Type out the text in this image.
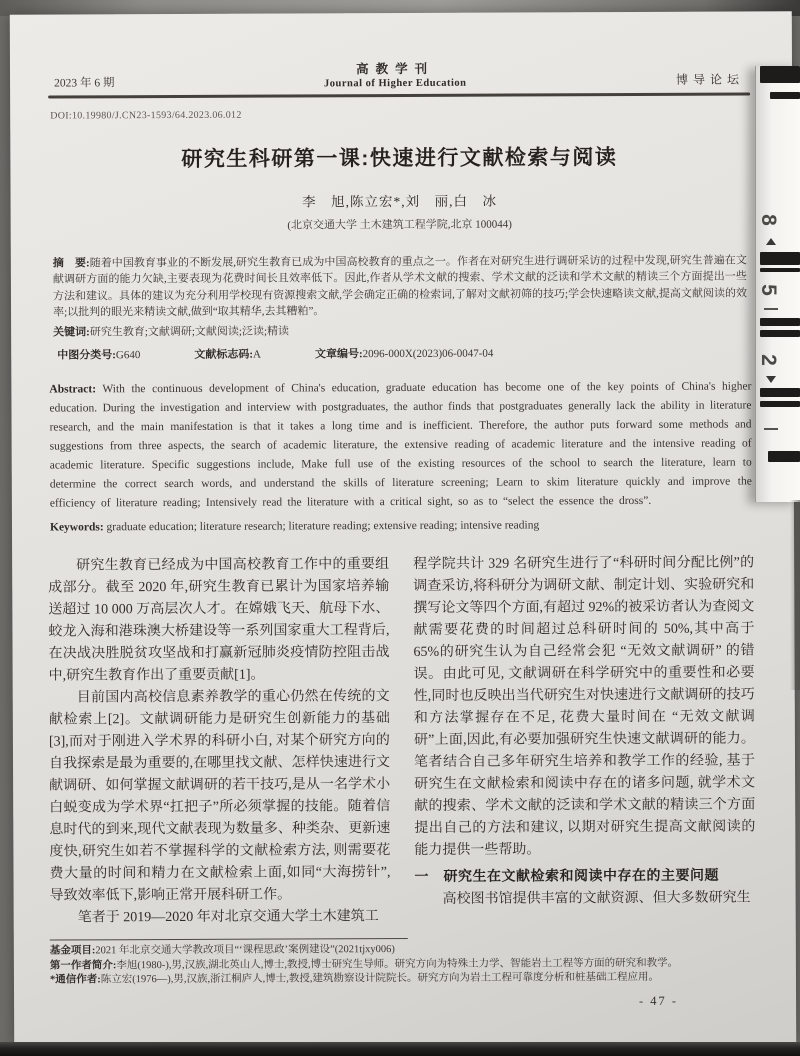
2023 年 6 期
高教学刊
Journal of Higher Education	博导论坛
DOI:10.19980/J.CN23-1593/64.2023.06.012
研究生科研第一课:快速进行文献检索与阅读
李　旭,陈立宏*,刘　丽,白　冰
(北京交通大学 土木建筑工程学院,北京 100044)

摘　要:随着中国教育事业的不断发展,研究生教育已成为中国高校教育的重点之一。作者在对研究生进行调研采访的过程中发现,研究生普遍在文献调研方面的能力欠缺,主要表现为花费时间长且效率低下。因此,作者从学术文献的搜索、学术文献的泛读和学术文献的精读三个方面提出一些方法和建议。具体的建议为充分利用学校现有资源搜索文献,学会确定正确的检索词,了解对文献初筛的技巧;学会快速略读文献,提高文献阅读的效率;以批判的眼光来精读文献,做到“取其精华,去其糟粕”。

关键词:研究生教育;文献调研;文献阅读;泛读;精读

中图分类号:G640	文献标志码:A	文章编号:2096-000X(2023)06-0047-04

Abstract: With the continuous development of China's education, graduate education has become one of the key points of China's higher education. During the investigation and interview with postgraduates, the author finds that postgraduates generally lack the ability in literature research, and the main manifestation is that it takes a long time and is inefficient. Therefore, the author puts forward some methods and suggestions from three aspects, the search of academic literature, the extensive reading of academic literature and the intensive reading of academic literature. Specific suggestions include, Make full use of the existing resources of the school to search the literature, learn to determine the correct search words, and understand the skills of literature screening; Learn to skim literature quickly and improve the efficiency of literature reading; Intensively read the literature with a critical sight, so as to “select the essence the dross”.

Keywords: graduate education; literature research; literature reading; extensive reading; intensive reading

研究生教育已经成为中国高校教育工作中的重要组成部分。截至 2020 年,研究生教育已累计为国家培养输送超过 10 000 万高层次人才。在嫦娥飞天、航母下水、蛟龙入海和港珠澳大桥建设等一系列国家重大工程背后,在决战决胜脱贫攻坚战和打赢新冠肺炎疫情防控阻击战中,研究生教育作出了重要贡献[1]。

目前国内高校信息素养教学的重心仍然在传统的文献检索上[2]。文献调研能力是研究生创新能力的基础[3],而对于刚进入学术界的科研小白, 对某个研究方向的自我探索是最为重要的,在哪里找文献、怎样快速进行文献调研、如何掌握文献调研的若干技巧,是从一名学术小白蜕变成为学术界“扛把子”所必须掌握的技能。随着信息时代的到来,现代文献表现为数量多、种类杂、更新速度快,研究生如若不掌握科学的文献检索方法, 则需要花费大量的时间和精力在文献检索上面,如同“大海捞针”,导致效率低下,影响正常开展科研工作。

笔者于 2019—2020 年对北京交通大学土木建筑工

程学院共计 329 名研究生进行了“科研时间分配比例”的调查采访,将科研分为调研文献、制定计划、实验研究和撰写论文等四个方面,有超过 92%的被采访者认为查阅文献需要花费的时间超过总科研时间的 50%,其中高于 65%的研究生认为自己经常会犯 “无效文献调研” 的错误。由此可见, 文献调研在科学研究中的重要性和必要性,同时也反映出当代研究生对快速进行文献调研的技巧和方法掌握存在不足, 花费大量时间在 “无效文献调研”上面,因此,有必要加强研究生快速文献调研的能力。笔者结合自己多年研究生培养和教学工作的经验, 基于研究生在文献检索和阅读中存在的诸多问题, 就学术文献的搜索、学术文献的泛读和学术文献的精读三个方面提出自己的方法和建议, 以期对研究生提高文献阅读的能力提供一些帮助。

一　研究生在文献检索和阅读中存在的主要问题

高校图书馆提供丰富的文献资源、但大多数研究生

基金项目:2021 年北京交通大学教改项目“‘课程思政’案例建设”(2021tjxy006)

第一作者简介:李旭(1980-),男,汉族,湖北英山人,博士,教授,博士研究生导师。研究方向为特殊土力学、智能岩土工程等方面的研究和教学。

*通信作者:陈立宏(1976—),男,汉族,浙江桐庐人,博士,教授,建筑勘察设计院院长。研究方向为岩土工程可靠度分析和桩基础工程应用。

- 47 -
8
5
2
